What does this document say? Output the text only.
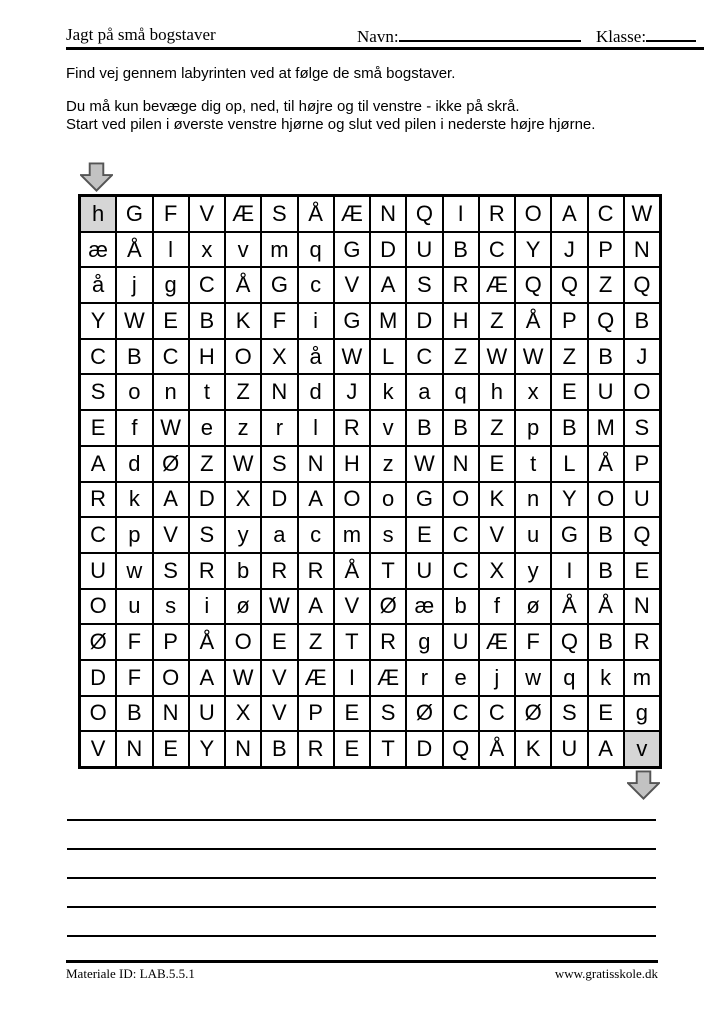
Jagt på små bogstaver	Navn:	Klasse:
Find vej gennem labyrinten ved at følge de små bogstaver.
Du må kun bevæge dig op, ned, til højre og til venstre - ikke på skrå.
Start ved pilen i øverste venstre hjørne og slut ved pilen i nederste højre hjørne.
h G F	V Æ S Å Æ N Q	I	R O A C W
æ Å	l	x	v m q G D U B C Y	J	P N
å	j	g	C Å G	c	V A S R Æ Q Q Z Q
Y W E B K	F	i	G M D H Z	Å P Q B
C B C H O X	å W L	C Z W W Z	B	J
S	o	n	t	Z N	d	J	k	a	q	h	x	E U O
E	f	W e	z	r	l	R	v	B B	Z	p	B M S
A	d Ø Z W S N H	z W N E	t	L	Å P
R	k	A D X D A O o G O K	n	Y O U
C	p	V S	y	a	c m s	E C V	u G B Q
U w S R	b	R R Å	T U C X	y	I	B E
O u	s	i	ø W A V Ø æ b	f	ø	Å Å N
Ø F	P Å O E	Z	T R	g	U Æ F Q B R
D F O A W V Æ	I	Æ r	e	j	w	q	k m
O B N U X V P E S Ø C C Ø S E	g
V N E Y N B R E	T D Q Å K U A	v
Materiale ID: LAB.5.5.1	www.gratisskole.dk
